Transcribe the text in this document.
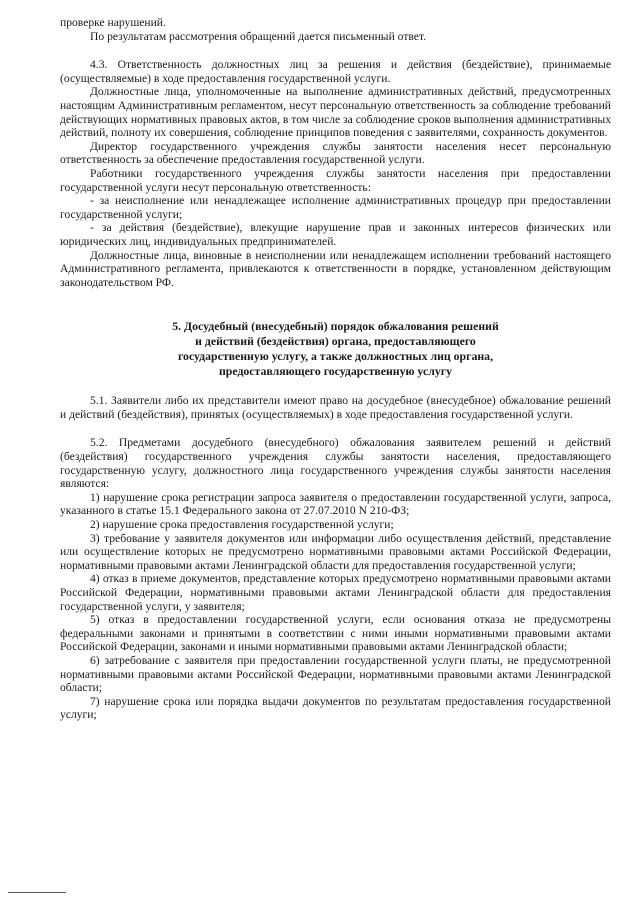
проверке нарушений.

По результатам рассмотрения обращений дается письменный ответ.

4.3. Ответственность должностных лиц за решения и действия (бездействие), принимаемые (осуществляемые) в ходе предоставления государственной услуги.

Должностные лица, уполномоченные на выполнение административных действий, предусмотренных настоящим Административным регламентом, несут персональную ответственность за соблюдение требований действующих нормативных правовых актов, в том числе за соблюдение сроков выполнения административных действий, полноту их совершения, соблюдение принципов поведения с заявителями, сохранность документов.

Директор государственного учреждения службы занятости населения несет персональную ответственность за обеспечение предоставления государственной услуги.

Работники государственного учреждения службы занятости населения при предоставлении государственной услуги несут персональную ответственность:

- за неисполнение или ненадлежащее исполнение административных процедур при предоставлении государственной услуги;

- за действия (бездействие), влекущие нарушение прав и законных интересов физических или юридических лиц, индивидуальных предпринимателей.

Должностные лица, виновные в неисполнении или ненадлежащем исполнении требований настоящего Административного регламента, привлекаются к ответственности в порядке, установленном действующим законодательством РФ.

5. Досудебный (внесудебный) порядок обжалования решений
и действий (бездействия) органа, предоставляющего
государственную услугу, а также должностных лиц органа,
предоставляющего государственную услугу

5.1. Заявители либо их представители имеют право на досудебное (внесудебное) обжалование решений и действий (бездействия), принятых (осуществляемых) в ходе предоставления государственной услуги.

5.2. Предметами досудебного (внесудебного) обжалования заявителем решений и действий (бездействия) государственного учреждения службы занятости населения, предоставляющего государственную услугу, должностного лица государственного учреждения службы занятости населения являются:

1) нарушение срока регистрации запроса заявителя о предоставлении государственной услуги, запроса, указанного в статье 15.1 Федерального закона от 27.07.2010 N 210-ФЗ;

2) нарушение срока предоставления государственной услуги;

3) требование у заявителя документов или информации либо осуществления действий, представление или осуществление которых не предусмотрено нормативными правовыми актами Российской Федерации, нормативными правовыми актами Ленинградской области для предоставления государственной услуги;

4) отказ в приеме документов, представление которых предусмотрено нормативными правовыми актами Российской Федерации, нормативными правовыми актами Ленинградской области для предоставления государственной услуги, у заявителя;

5) отказ в предоставлении государственной услуги, если основания отказа не предусмотрены федеральными законами и принятыми в соответствии с ними иными нормативными правовыми актами Российской Федерации, законами и иными нормативными правовыми актами Ленинградской области;

6) затребование с заявителя при предоставлении государственной услуги платы, не предусмотренной нормативными правовыми актами Российской Федерации, нормативными правовыми актами Ленинградской области;

7) нарушение срока или порядка выдачи документов по результатам предоставления государственной услуги;
